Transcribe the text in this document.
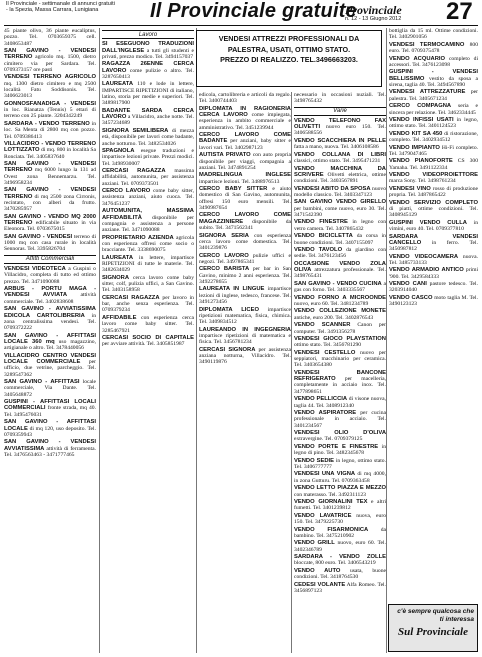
Il Provinciale - settimanale di annunci gratuiti - la Spezia, Massa Carrara, Lunigiana	Il Provinciale gratuite
Provinciale
n. 12 - 13 Giugno 2012 27

45 piante olivo, 36 piante eucaliptus, pozzo. Tel. 0703659375 cell. 3408653487

SAN GAVINO - VENDESI TERRENO agricolo mq. 1500, dietro cimitero via per Sardara. Tel. 0709373157 ore pasti

VENDESI TERRENO AGRICOLO mq. 1300 dietro cimitero e mq 2500 località Fatu Soddisonis. Tel. 3406623013

GONNOSFANADIGA - VENDESI in loc. Rianatza (Tennis) 5 ettari di terreno con 25 piante. 3204342249

SARDARA - VENDO TERRENO in loc. Sa Menta di 2800 mq con pozzo. Tel. 0709386413

VILLACIDRO - VENDO TERRENO LOTTIZZATO di mq. 800 in località Sa Ronciata. Tel. 3405837640

SAN GAVINO - VENDESI TERRENO mq 6000 lungo la 131 ad Ovest zona Bennemarzu. Tel. 3496958234

SAN GAVINO - VENDESI TERRENO di mq 2500 zona Cirronis, recintato, con alberi da frutto. 3470285957

SAN GAVINO - VENDO MQ 2000 TERRENO edificabile situato in via Eleonora. Tel. 0703675015

SAN GAVINO - VENDESI terreno di 1000 mq con casa rurale in località Sennoras. Tel. 3395826704

Affitti Commerciali

VENDESI VIDEOTECA a Guspini o Villacidro, completa di tutto ed ottimo prezzo. Tel. 3471090088

ARBUS - PORTU MAGA - VENDESI AVVIATA attività commerciale. Tel. 3402838608

SAN GAVINO - AVVIATISSIMA EDICOLA CARTOLIBRERIA in zona centralissima vendesi. Tel. 0709372222

SAN GAVINO - AFFITTASI LOCALE 360 mq uso magazzino, artigianale o altro. Tel. 3478440056

VILLACIDRO CENTRO VENDESI LOCALE COMMERCIALE per ufficio, due vetrine, parcheggio. Tel. 3289547362

SAN GAVINO - AFFITTASI locale commerciale, Via Dante. Tel. 3405648872

GUSPINI - AFFITTASI LOCALI COMMERCIALI fronte strada, mq 40. Tel. 3495476031

SAN GAVINO - AFFITTASI LOCALE di mq 120, uso deposito. Tel. 0709359943

SAN GAVINO - VENDESI AVVIATISSIMA attività di ferramenta. Tel. 3476563463 - 3471777465

Lavoro

SI ESEGUONO TRADUZIONI DALL'INGLESE a tutti gli studenti e privati, prezzo modico. Tel. 3494157037

RAGAZZA 26ENNE CERCA LAVORO come pulizie o altro. Tel. 3287650413

LAUREATA 110 e lode in lettere, IMPARTISCE RIPETIZIONI di italiano, latino, storia per medie e superiori. Tel. 3489817900

BADANTE SARDA CERCA LAVORO a Villacidro, anche notte. Tel. 3457234689

SIGNORA SEMILIBERA di mezza età, disponibile per lavori come badante, anche notturno. Tel. 3482534026

SPAGNOLA esegue traduzioni e impartisce lezioni private. Prezzi modici. Tel. 3498930007

CERCASI RAGAZZA massima affidabilità, automunita, per assistenza anziani. Tel. 0709373501

CERCO LAVORO come baby sitter, assistenza anziani, aiuto cuoca. Tel. 3476451237

AUTOMUNITA, MASSIMA AFFIDABILITÀ disponibile per compagnia e assistenza a persone anziane. Tel. 3471090088

PROPRIETARIO AZIENDA agricola con esperienza offresi come socio o bracciante. Tel. 3338690075

LAUREATA in lettere, impartisce RIPETIZIONI di tutte le materie. Tel. 3482634029

SIGNORA cerca lavoro come baby sitter, colf, pulizia uffici, a San Gavino. Tel. 3403158958

CERCASI RAGAZZA per lavoro in bar, anche senza esperienza. Tel. 0709379234

AFFIDABILE con esperienza cerca lavoro come baby sitter. Tel. 3285467921

CERCASI SOCIO DI CAPITALE per avviare attività. Tel. 3405851987

VENDESI ATTREZZI PROFESSIONALI DA
PALESTRA, USATI, OTTIMO STATO.
PREZZO DI REALIZZO. TEL.3496663203.

edicola, cartolibreria e articoli da regalo. Tel. 3400744403

DIPLOMATA IN RAGIONERIA CERCA LAVORO come impiegata, esperienza in ambito commerciale e amministrativo. Tel. 3451239944

CERCO LAVORO COME BADANTE per anziani, baby sitter e lavori vari. Tel. 3402987123

AUTISTA PRIVATO con auto propria disponibile per viaggi, compagnia a anziani. Tel. 3474891254

MADRELINGUA INGLESE impartisce lezioni. Tel. 3488976513

CERCO BABY SITTER e aiuto domestico di San Gavino, automunita, offresi 150 euro mensili. Tel. 3490987654

CERCO LAVORO COME MAGAZZINIERE disponibile da subito. Tel. 3471562341

SIGNORA SERIA con esperienza cerca lavoro come domestica. Tel. 3401239876

CERCO LAVORO pulizie uffici e negozi. Tel. 3497865341

CERCO BARISTA per bar in San Gavino, minimo 2 anni esperienza. Tel. 3492278655

LAUREATA IN LINGUE impartisce lezioni di inglese, tedesco, francese. Tel. 3491273456

DIPLOMATA LICEO impartisce ripetizioni matematica, fisica, chimica. Tel. 3409834512

LAUREANDO IN INGEGNERIA impartisce ripetizioni di matematica e fisica. Tel. 3456781234

CERCASI SIGNORA per assistenza anziana notturna, Villacidro. Tel. 3490119876

necessario in occasioni nuziali. Tel. 3498765432

Varie

VENDO TELEFONO FAX OLIVETTI nuovo euro 150. Tel. 3406588556

VENDO SCACCHIERA IN PELLE fatta a mano, nuova. Tel. 3406108586

VENDO COLLANA DI LIBRI classici, ottimo stato. Tel. 3495471231

VENDO MACCHINA DA SCRIVERE Olivetti elettrica, ottime condizioni. Tel. 3403567891

VENDESI ABITO DA SPOSA nuovo modello classico. Tel. 3403347123

SAN GAVINO VENDO GIRELLO per bambini, come nuovo, euro 30. Tel. 3471542390

VENDO FINESTRE in legno con vetro camera. Tel. 3407865432

VENDO BICICLETTA da corsa in buone condizioni. Tel. 3407155097

VENDO TAVOLO da giardino con sedie. Tel. 3476123456

OCCASIONE VENDO ZOLA OLIVA attrezzatura professionale. Tel. 3498765431

SAN GAVINO - VENDO CUCINA a gas con forno. Tel. 3403335567

VENDO FORNO A MICROONDE nuovo, euro 60. Tel. 3481234789

VENDO COLLEZIONE MONETE antiche, euro 200. Tel. 3402876543

VENDO SCANNER Canon per computer. Tel. 3491356278

VENDESI GIOCO PLAYSTATION ottimo stato. Tel. 3456781290

VENDESI CESTELLO nuovo per seppiatori, macchinario per ceramica. Tel. 3403654380

VENDESI BANCONE REFRIGERATO per macelleria, completamente in acciaio inox. Tel. 3477898651

VENDO PELLICCIA di visone nuova, taglia 44. Tel. 3408912340

VENDO ASPIRATORE per cucina professionale in acciaio. Tel. 3401234567

VENDESI OLIO D'OLIVA extravergine. Tel. 0709379125

VENDO PORTE E FINESTRE in legno di pino. Tel. 3482345678

VENDO SEDIE in legno, ottimo stato. Tel. 3406777777

VENDESI UNA VIGNA di mq 4000, in zona Gutturu. Tel. 0709363458

VENDO LETTO PIAZZA E MEZZO con materasso. Tel. 3492311123

VENDO GIORNALINI TEX e altri fumetti. Tel. 3401239812

VENDO LAVATRICE nuova, euro 150. Tel. 3479225730

VENDO FISARMONICA da bambino. Tel. 3475210902

VENDO GRILL nuovo, euro 60. Tel. 3402346789

SARDARA - VENDO ZOLLE bloccate, 800 euro. Tel. 3406543219

VENDO AUTO usata, buone condizioni. Tel. 3418764530

CEDESI VOLANTE Alfa Romeo. Tel. 3456897123

bottiglia da 15 ml. Ottime condizioni. Tel. 3402901056

VENDESI TERMOCAMINO 800 euro. Tel. 0709375478

VENDO ACQUARIO completo di accessori. Tel. 3476123098

GUSPINI - VENDESI BELLISSIMO vestito da sposa a sirena, taglia 40. Tel. 3494567890

VENDESI ATTREZZATURE per palestra. Tel. 3405671234

CERCO COMPAGNA seria e sincera per relazione. Tel. 3462334445

VENDO INFISSI USATI in legno, ottimo stato. Tel. 3401124523

VENDO KIT SA 450 di ristorazione, completo. Tel. 3402934512

VENDO IMPIANTO Hi-Fi completo. Tel. 3479047465

VENDO PIANOFORTE CS 300 Yamaha. Tel. 3491122334

VENDO VIDEOPROIETTORE marca Sony. Tel. 3498761234

VENDESI VINO rosso di produzione propria. Tel. 3487865422

VENDO SERVIZIO COMPLETO di piatti, ottime condizioni. Tel. 3408945129

GUSPINI VENDO CULLA in vimini, euro 40. Tel. 0709377810

SARDARA VENDESI CANCELLO in ferro. Tel. 3450987812

VENDO VIDEOCAMERA nuova. Tel. 3485733133

VENDO ARMADIO ANTICO primi '900. Tel. 3429584333

VENDO CANI pastore tedesco. Tel. 3203914040

VENDO CASCO moto taglia M. Tel. 3490123123

c'è sempre qualcosa che ti interessa
Sul Provinciale
